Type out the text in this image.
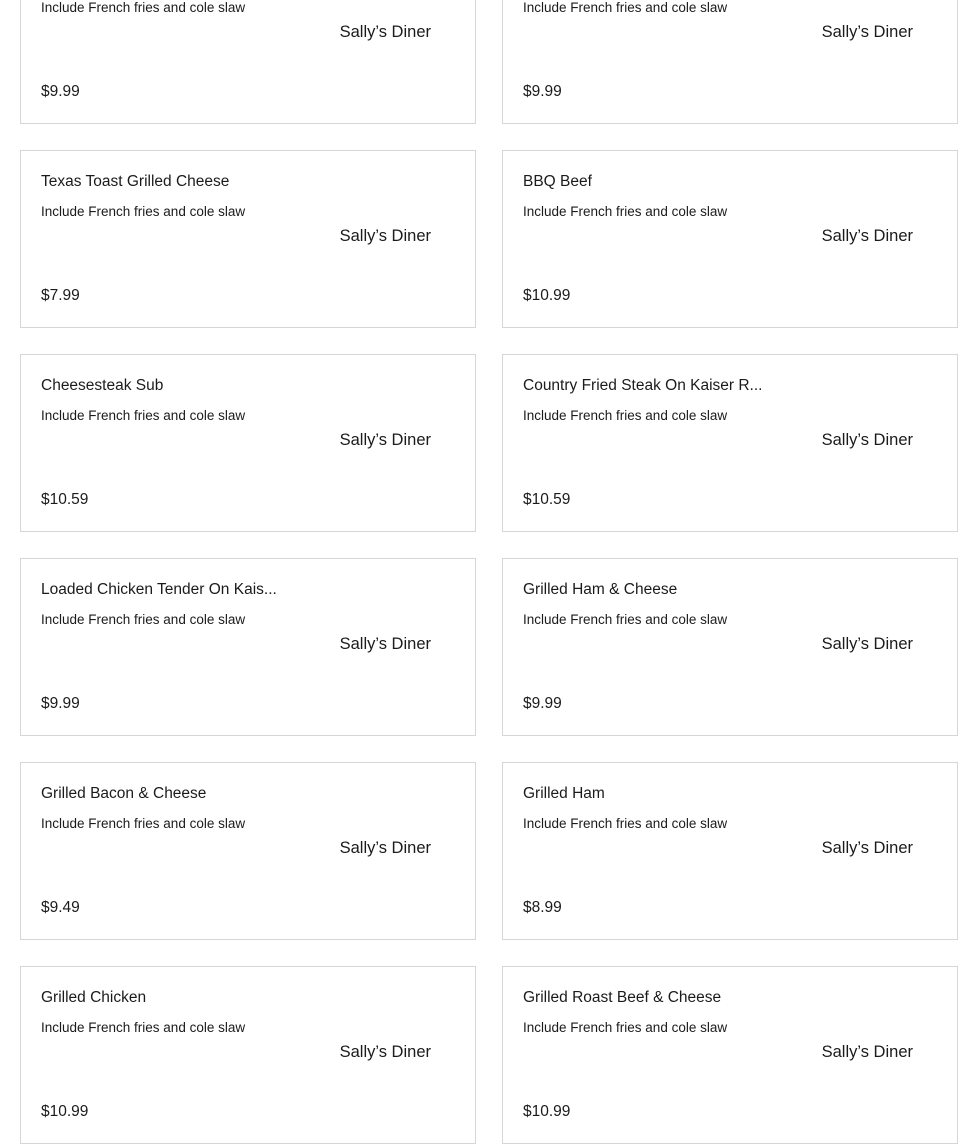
Include French fries and cole slaw
Sally’s Diner
$9.99
Include French fries and cole slaw
Sally’s Diner
$9.99
Texas Toast Grilled Cheese
Include French fries and cole slaw
Sally’s Diner
$7.99
BBQ Beef
Include French fries and cole slaw
Sally’s Diner
$10.99
Cheesesteak Sub
Include French fries and cole slaw
Sally’s Diner
$10.59
Country Fried Steak On Kaiser R...
Include French fries and cole slaw
Sally’s Diner
$10.59
Loaded Chicken Tender On Kais...
Include French fries and cole slaw
Sally’s Diner
$9.99
Grilled Ham & Cheese
Include French fries and cole slaw
Sally’s Diner
$9.99
Grilled Bacon & Cheese
Include French fries and cole slaw
Sally’s Diner
$9.49
Grilled Ham
Include French fries and cole slaw
Sally’s Diner
$8.99
Grilled Chicken
Include French fries and cole slaw
Sally’s Diner
$10.99
Grilled Roast Beef & Cheese
Include French fries and cole slaw
Sally’s Diner
$10.99
